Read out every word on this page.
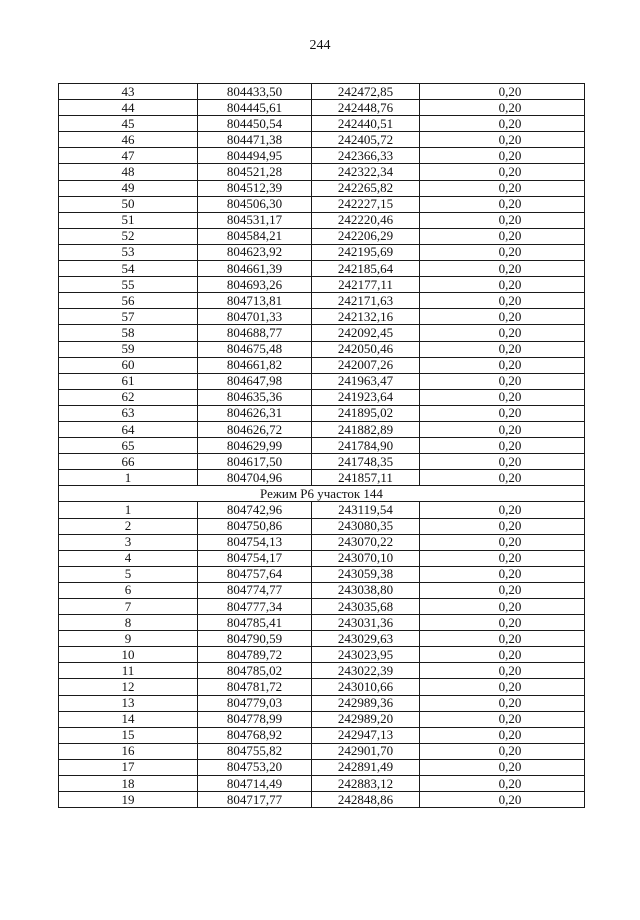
244
43	804433,50	242472,85	0,20
44	804445,61	242448,76	0,20
45	804450,54	242440,51	0,20
46	804471,38	242405,72	0,20
47	804494,95	242366,33	0,20
48	804521,28	242322,34	0,20
49	804512,39	242265,82	0,20
50	804506,30	242227,15	0,20
51	804531,17	242220,46	0,20
52	804584,21	242206,29	0,20
53	804623,92	242195,69	0,20
54	804661,39	242185,64	0,20
55	804693,26	242177,11	0,20
56	804713,81	242171,63	0,20
57	804701,33	242132,16	0,20
58	804688,77	242092,45	0,20
59	804675,48	242050,46	0,20
60	804661,82	242007,26	0,20
61	804647,98	241963,47	0,20
62	804635,36	241923,64	0,20
63	804626,31	241895,02	0,20
64	804626,72	241882,89	0,20
65	804629,99	241784,90	0,20
66	804617,50	241748,35	0,20
1	804704,96	241857,11	0,20
Режим Р6 участок 144			
1	804742,96	243119,54	0,20
2	804750,86	243080,35	0,20
3	804754,13	243070,22	0,20
4	804754,17	243070,10	0,20
5	804757,64	243059,38	0,20
6	804774,77	243038,80	0,20
7	804777,34	243035,68	0,20
8	804785,41	243031,36	0,20
9	804790,59	243029,63	0,20
10	804789,72	243023,95	0,20
11	804785,02	243022,39	0,20
12	804781,72	243010,66	0,20
13	804779,03	242989,36	0,20
14	804778,99	242989,20	0,20
15	804768,92	242947,13	0,20
16	804755,82	242901,70	0,20
17	804753,20	242891,49	0,20
18	804714,49	242883,12	0,20
19	804717,77	242848,86	0,20
